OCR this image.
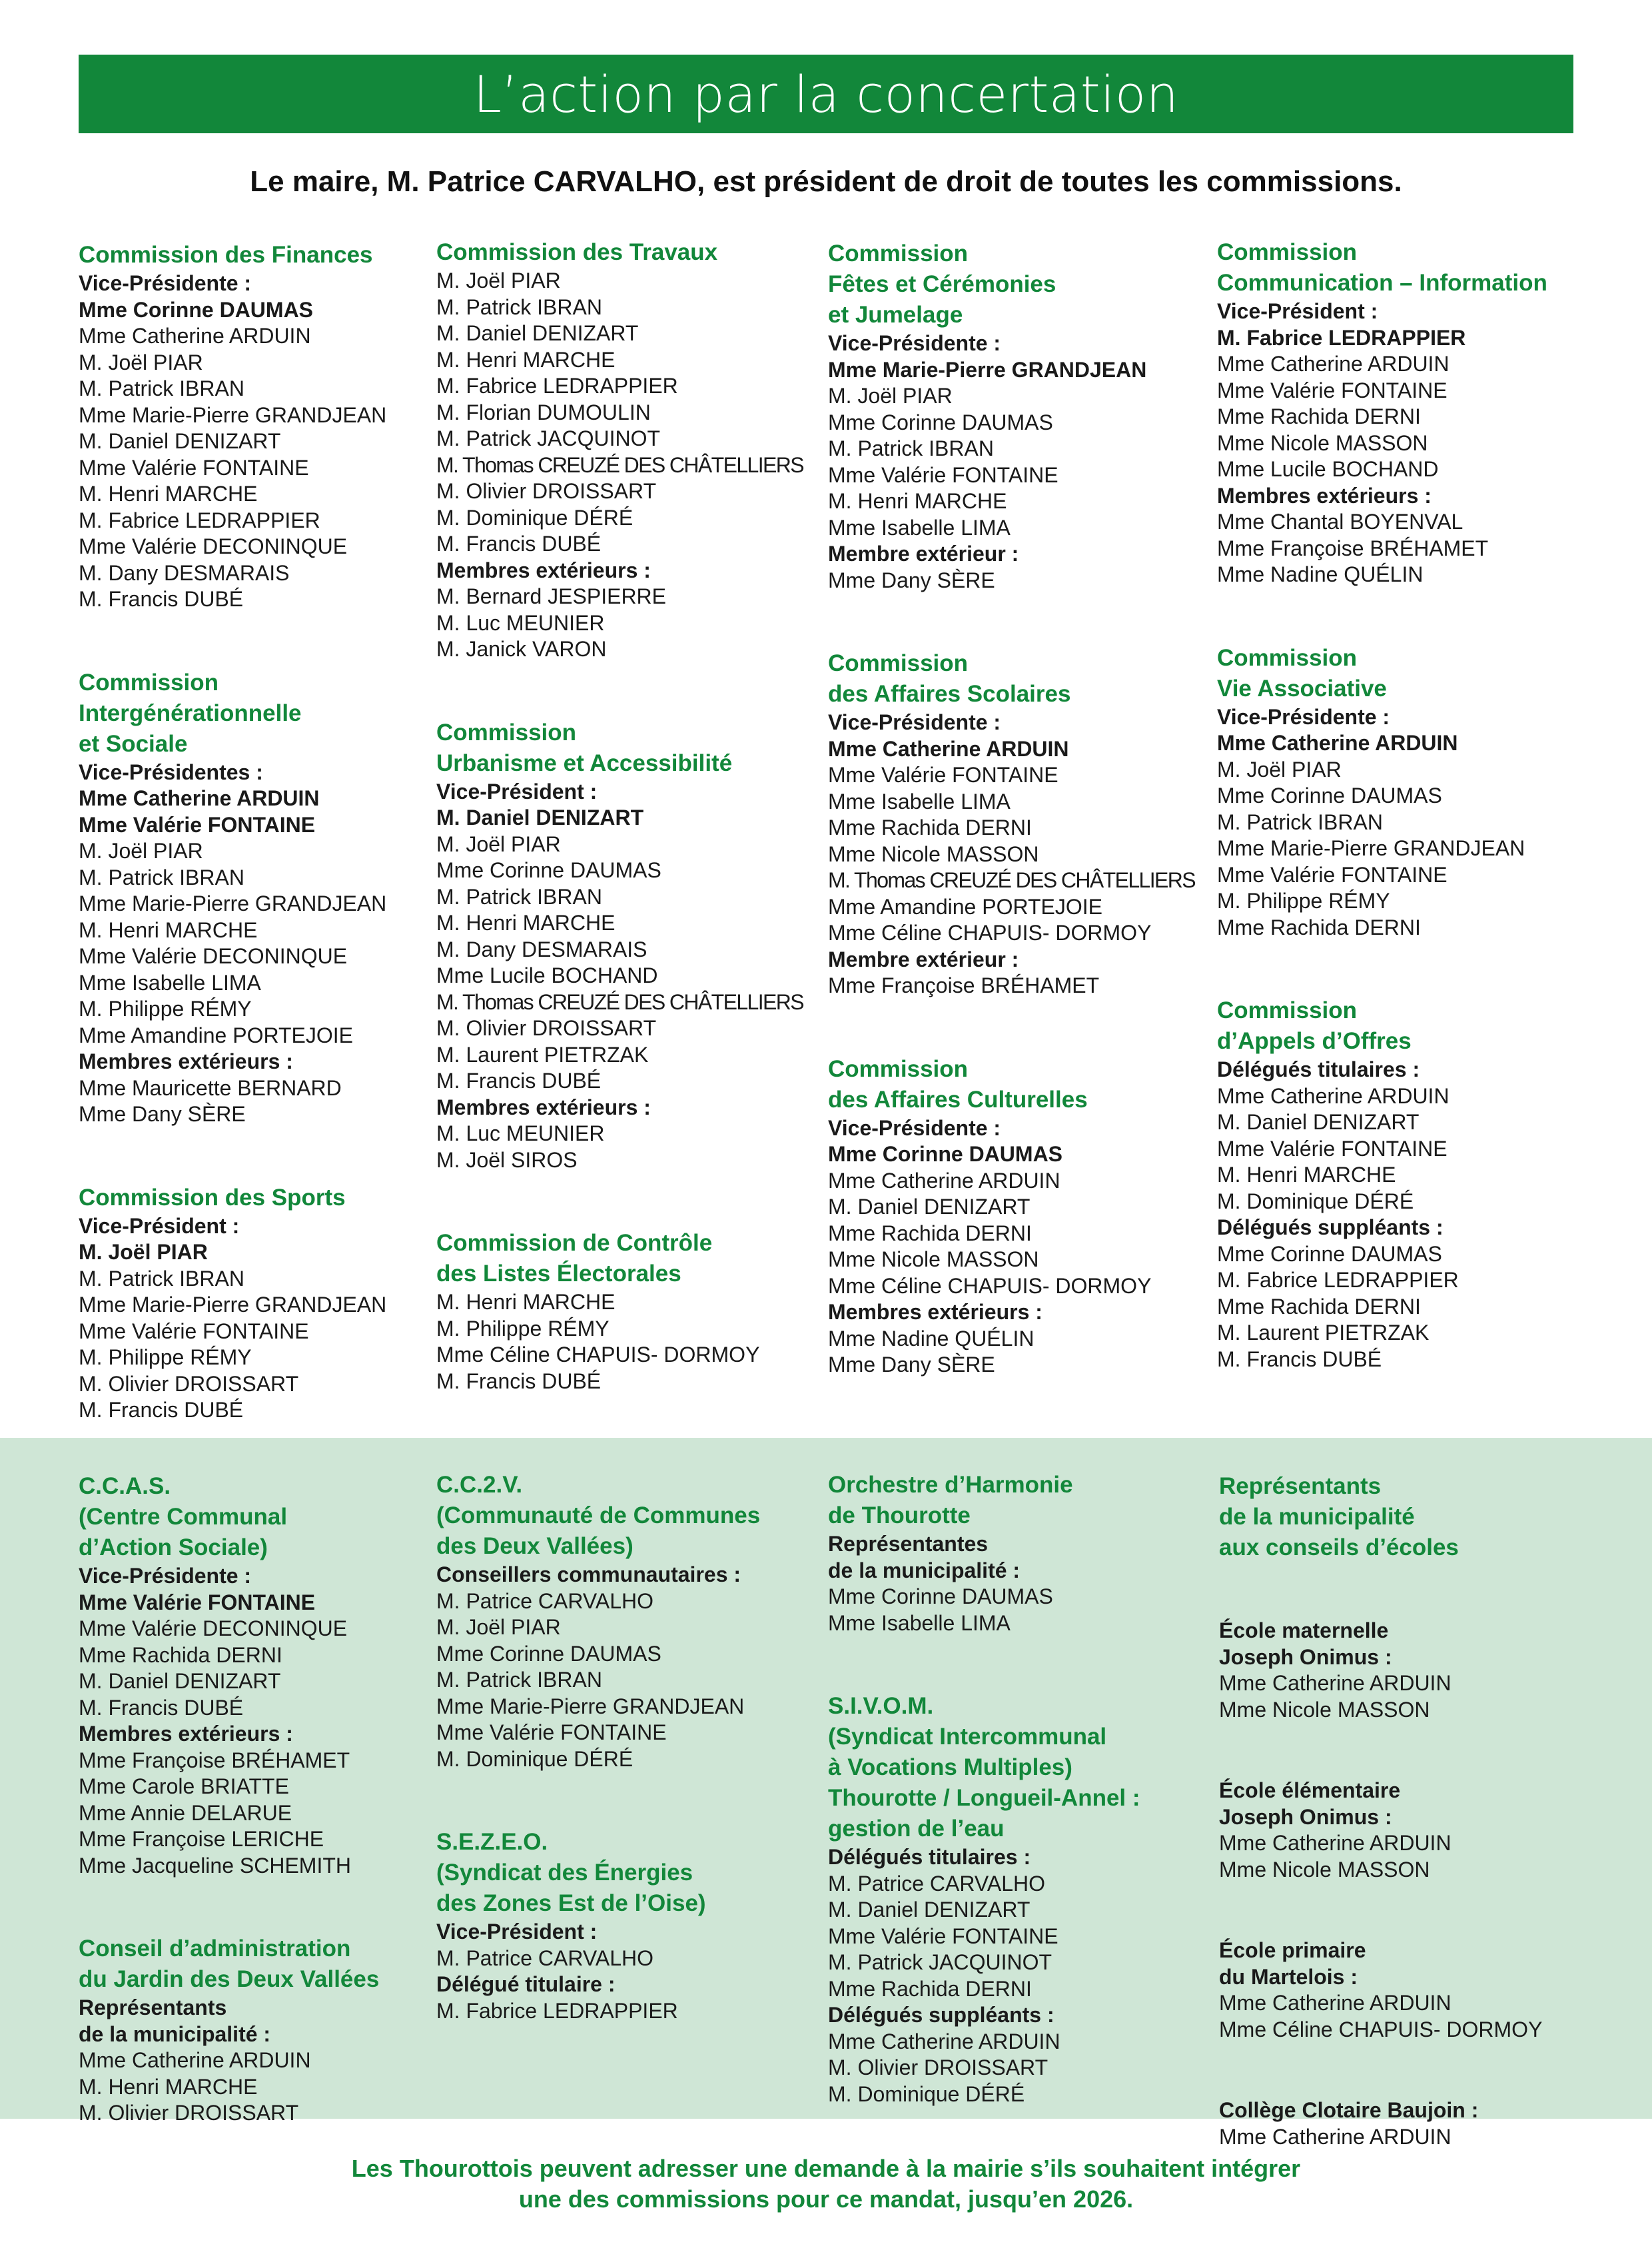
L’action par la concertation
Le maire, M. Patrice CARVALHO, est président de droit de toutes les commissions.
Commission des Finances
Vice-Présidente :
Mme Corinne DAUMAS
Mme Catherine ARDUIN
M. Joël PIAR
M. Patrick IBRAN
Mme Marie-Pierre GRANDJEAN
M. Daniel DENIZART
Mme Valérie FONTAINE
M. Henri MARCHE
M. Fabrice LEDRAPPIER
Mme Valérie DECONINQUE
M. Dany DESMARAIS
M. Francis DUBÉ
Commission
Intergénérationnelle
et Sociale
Vice-Présidentes :
Mme Catherine ARDUIN
Mme Valérie FONTAINE
M. Joël PIAR
M. Patrick IBRAN
Mme Marie-Pierre GRANDJEAN
M. Henri MARCHE
Mme Valérie DECONINQUE
Mme Isabelle LIMA
M. Philippe RÉMY
Mme Amandine PORTEJOIE
Membres extérieurs :
Mme Mauricette BERNARD
Mme Dany SÈRE
Commission des Sports
Vice-Président :
M. Joël PIAR
M. Patrick IBRAN
Mme Marie-Pierre GRANDJEAN
Mme Valérie FONTAINE
M. Philippe RÉMY
M. Olivier DROISSART
M. Francis DUBÉ
Commission des Travaux
M. Joël PIAR
M. Patrick IBRAN
M. Daniel DENIZART
M. Henri MARCHE
M. Fabrice LEDRAPPIER
M. Florian DUMOULIN
M. Patrick JACQUINOT
M. Thomas CREUZÉ DES CHÂTELLIERS
M. Olivier DROISSART
M. Dominique DÉRÉ
M. Francis DUBÉ
Membres extérieurs :
M. Bernard JESPIERRE
M. Luc MEUNIER
M. Janick VARON
Commission
Urbanisme et Accessibilité
Vice-Président :
M. Daniel DENIZART
M. Joël PIAR
Mme Corinne DAUMAS
M. Patrick IBRAN
M. Henri MARCHE
M. Dany DESMARAIS
Mme Lucile BOCHAND
M. Thomas CREUZÉ DES CHÂTELLIERS
M. Olivier DROISSART
M. Laurent PIETRZAK
M. Francis DUBÉ
Membres extérieurs :
M. Luc MEUNIER
M. Joël SIROS
Commission de Contrôle
des Listes Électorales
M. Henri MARCHE
M. Philippe RÉMY
Mme Céline CHAPUIS- DORMOY
M. Francis DUBÉ
Commission
Fêtes et Cérémonies
et Jumelage
Vice-Présidente :
Mme Marie-Pierre GRANDJEAN
M. Joël PIAR
Mme Corinne DAUMAS
M. Patrick IBRAN
Mme Valérie FONTAINE
M. Henri MARCHE
Mme Isabelle LIMA
Membre extérieur :
Mme Dany SÈRE
Commission
des Affaires Scolaires
Vice-Présidente :
Mme Catherine ARDUIN
Mme Valérie FONTAINE
Mme Isabelle LIMA
Mme Rachida DERNI
Mme Nicole MASSON
M. Thomas CREUZÉ DES CHÂTELLIERS
Mme Amandine PORTEJOIE
Mme Céline CHAPUIS- DORMOY
Membre extérieur :
Mme Françoise BRÉHAMET
Commission
des Affaires Culturelles
Vice-Présidente :
Mme Corinne DAUMAS
Mme Catherine ARDUIN
M. Daniel DENIZART
Mme Rachida DERNI
Mme Nicole MASSON
Mme Céline CHAPUIS- DORMOY
Membres extérieurs :
Mme Nadine QUÉLIN
Mme Dany SÈRE
Commission
Communication – Information
Vice-Président :
M. Fabrice LEDRAPPIER
Mme Catherine ARDUIN
Mme Valérie FONTAINE
Mme Rachida DERNI
Mme Nicole MASSON
Mme Lucile BOCHAND
Membres extérieurs :
Mme Chantal BOYENVAL
Mme Françoise BRÉHAMET
Mme Nadine QUÉLIN
Commission
Vie Associative
Vice-Présidente :
Mme Catherine ARDUIN
M. Joël PIAR
Mme Corinne DAUMAS
M. Patrick IBRAN
Mme Marie-Pierre GRANDJEAN
Mme Valérie FONTAINE
M. Philippe RÉMY
Mme Rachida DERNI
Commission
d’Appels d’Offres
Délégués titulaires :
Mme Catherine ARDUIN
M. Daniel DENIZART
Mme Valérie FONTAINE
M. Henri MARCHE
M. Dominique DÉRÉ
Délégués suppléants :
Mme Corinne DAUMAS
M. Fabrice LEDRAPPIER
Mme Rachida DERNI
M. Laurent PIETRZAK
M. Francis DUBÉ
C.C.A.S.
(Centre Communal
d’Action Sociale)
Vice-Présidente :
Mme Valérie FONTAINE
Mme Valérie DECONINQUE
Mme Rachida DERNI
M. Daniel DENIZART
M. Francis DUBÉ
Membres extérieurs :
Mme Françoise BRÉHAMET
Mme Carole BRIATTE
Mme Annie DELARUE
Mme Françoise LERICHE
Mme Jacqueline SCHEMITH
Conseil d’administration
du Jardin des Deux Vallées
Représentants
de la municipalité :
Mme Catherine ARDUIN
M. Henri MARCHE
M. Olivier DROISSART
C.C.2.V.
(Communauté de Communes
des Deux Vallées)
Conseillers communautaires :
M. Patrice CARVALHO
M. Joël PIAR
Mme Corinne DAUMAS
M. Patrick IBRAN
Mme Marie-Pierre GRANDJEAN
Mme Valérie FONTAINE
M. Dominique DÉRÉ
S.E.Z.E.O.
(Syndicat des Énergies
des Zones Est de l’Oise)
Vice-Président :
M. Patrice CARVALHO
Délégué titulaire :
M. Fabrice LEDRAPPIER
Orchestre d’Harmonie
de Thourotte
Représentantes
de la municipalité :
Mme Corinne DAUMAS
Mme Isabelle LIMA
S.I.V.O.M.
(Syndicat Intercommunal
à Vocations Multiples)
Thourotte / Longueil-Annel :
gestion de l’eau
Délégués titulaires :
M. Patrice CARVALHO
M. Daniel DENIZART
Mme Valérie FONTAINE
M. Patrick JACQUINOT
Mme Rachida DERNI
Délégués suppléants :
Mme Catherine ARDUIN
M. Olivier DROISSART
M. Dominique DÉRÉ
Représentants
de la municipalité
aux conseils d’écoles
École maternelle
Joseph Onimus :
Mme Catherine ARDUIN
Mme Nicole MASSON
École élémentaire
Joseph Onimus :
Mme Catherine ARDUIN
Mme Nicole MASSON
École primaire
du Martelois :
Mme Catherine ARDUIN
Mme Céline CHAPUIS- DORMOY
Collège Clotaire Baujoin :
Mme Catherine ARDUIN
Les Thourottois peuvent adresser une demande à la mairie s’ils souhaitent intégrer
une des commissions pour ce mandat, jusqu’en 2026.
